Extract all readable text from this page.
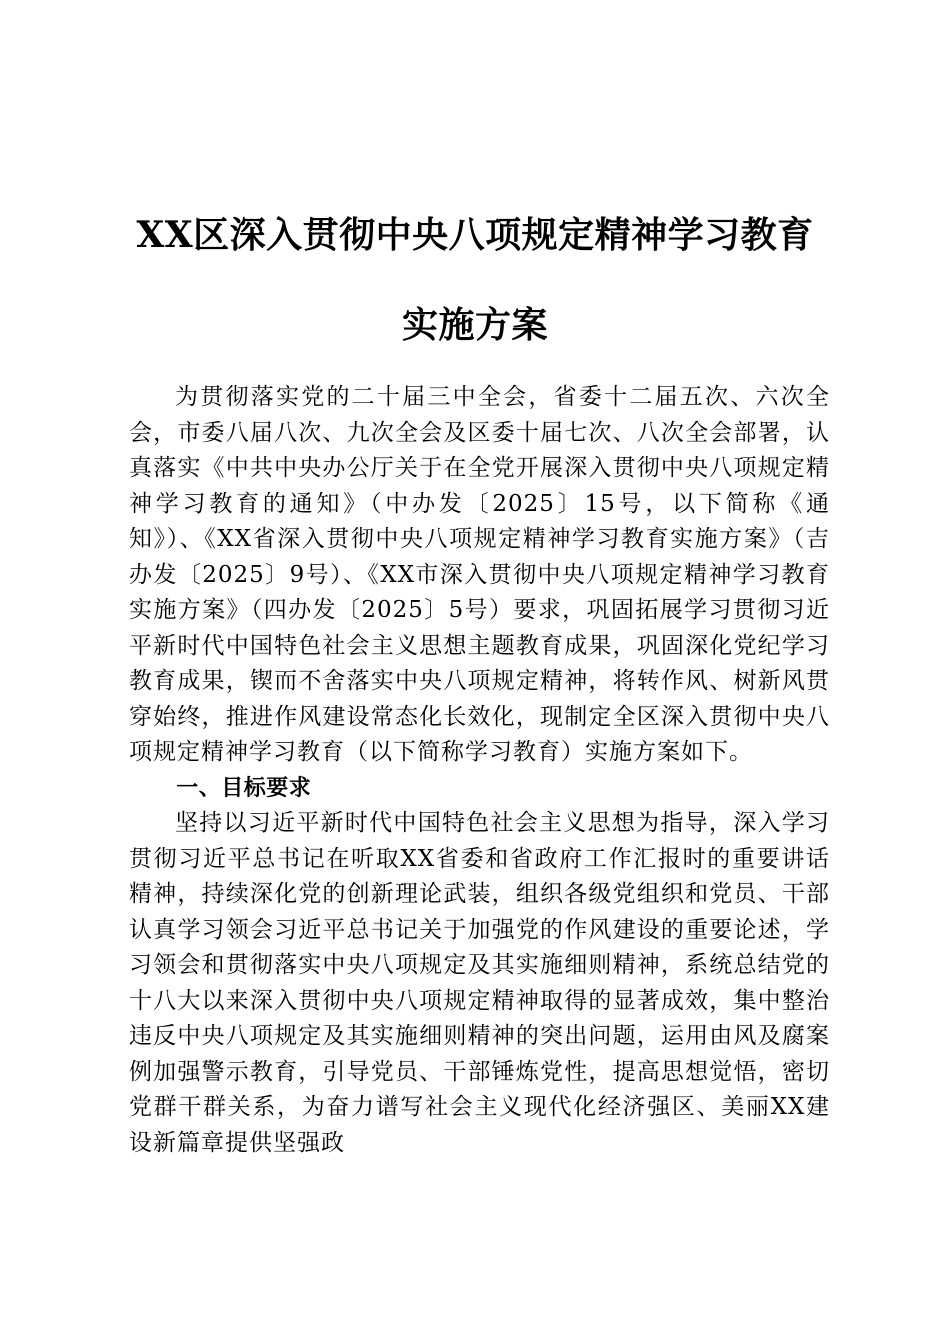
XX区深入贯彻中央八项规定精神学习教育实施方案

为贯彻落实党的二十届三中全会，省委十二届五次、六次全会，市委八届八次、九次全会及区委十届七次、八次全会部署，认真落实《中共中央办公厅关于在全党开展深入贯彻中央八项规定精神学习教育的通知》（中办发〔2025〕15号，以下简称《通知》）、《XX省深入贯彻中央八项规定精神学习教育实施方案》（吉办发〔2025〕9号）、《XX市深入贯彻中央八项规定精神学习教育实施方案》（四办发〔2025〕5号）要求，巩固拓展学习贯彻习近平新时代中国特色社会主义思想主题教育成果，巩固深化党纪学习教育成果，锲而不舍落实中央八项规定精神，将转作风、树新风贯穿始终，推进作风建设常态化长效化，现制定全区深入贯彻中央八项规定精神学习教育（以下简称学习教育）实施方案如下。

一、目标要求

坚持以习近平新时代中国特色社会主义思想为指导，深入学习贯彻习近平总书记在听取XX省委和省政府工作汇报时的重要讲话精神，持续深化党的创新理论武装，组织各级党组织和党员、干部认真学习领会习近平总书记关于加强党的作风建设的重要论述，学习领会和贯彻落实中央八项规定及其实施细则精神，系统总结党的十八大以来深入贯彻中央八项规定精神取得的显著成效，集中整治违反中央八项规定及其实施细则精神的突出问题，运用由风及腐案例加强警示教育，引导党员、干部锤炼党性，提高思想觉悟，密切党群干群关系，为奋力谱写社会主义现代化经济强区、美丽XX建设新篇章提供坚强政
